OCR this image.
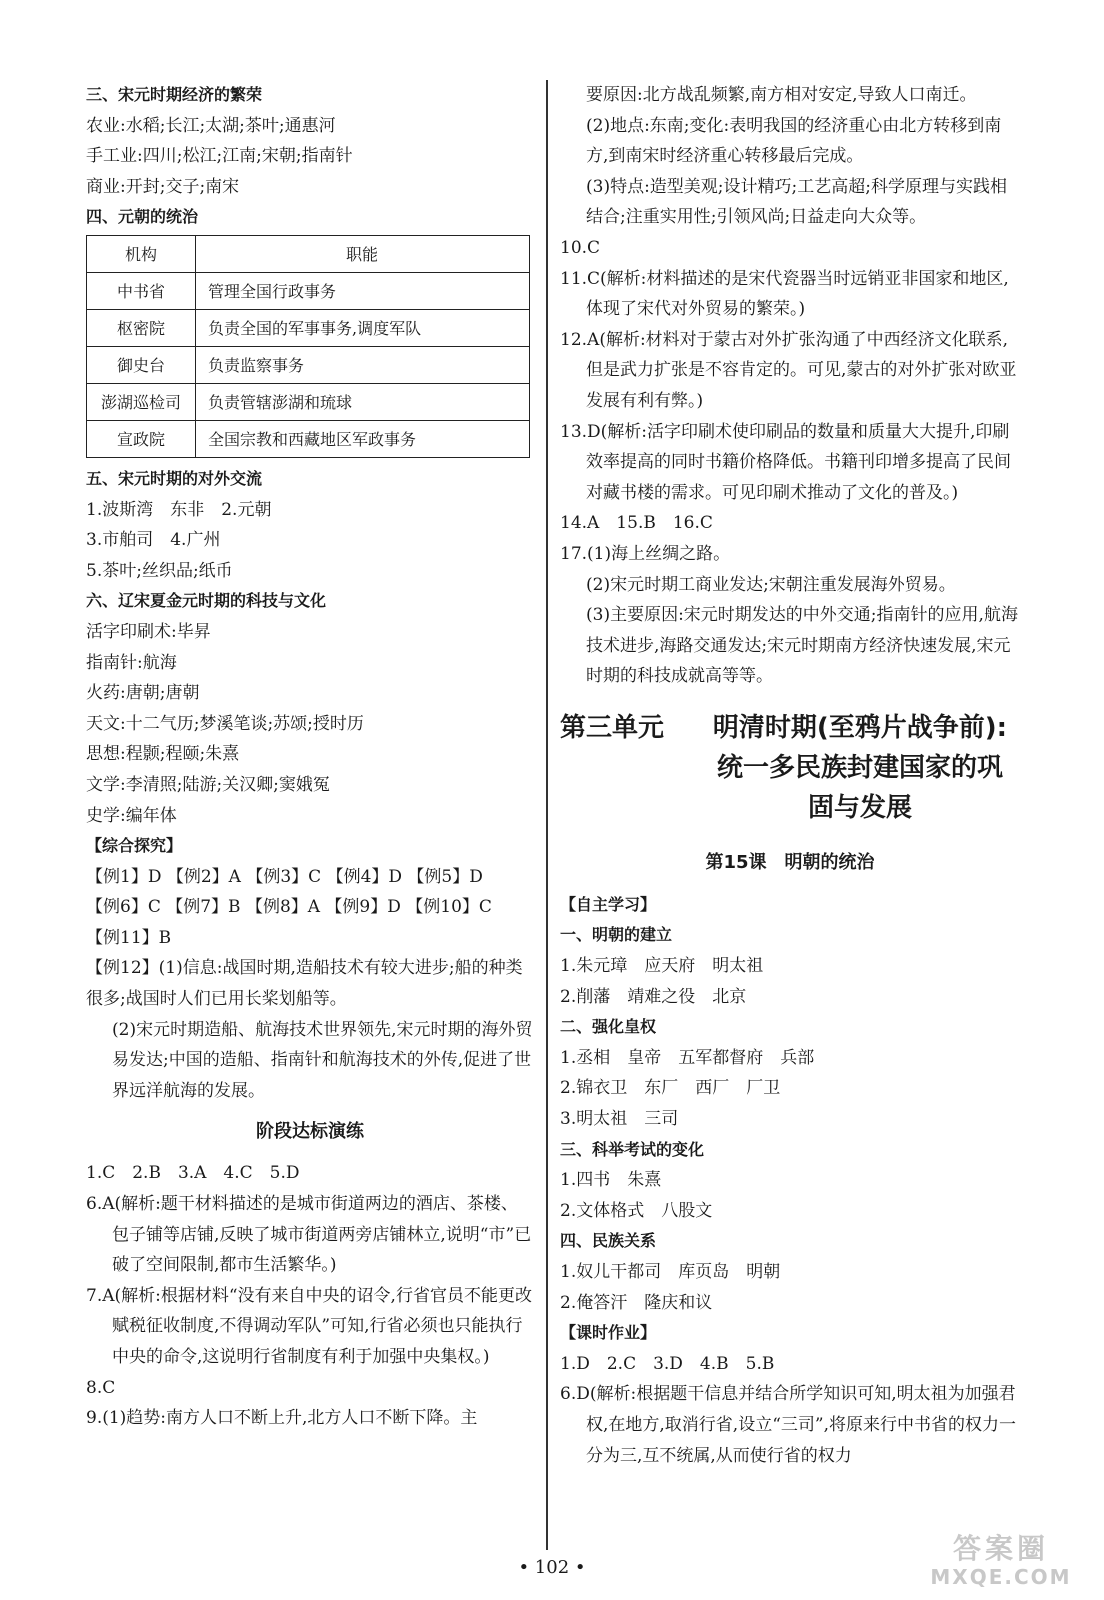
三、宋元时期经济的繁荣
农业:水稻;长江;太湖;茶叶;通惠河
手工业:四川;松江;江南;宋朝;指南针
商业:开封;交子;南宋
四、元朝的统治
机构	职能
中书省	管理全国行政事务
枢密院	负责全国的军事事务,调度军队
御史台	负责监察事务
澎湖巡检司	负责管辖澎湖和琉球
宣政院	全国宗教和西藏地区军政事务
五、宋元时期的对外交流
1.波斯湾　东非　2.元朝
3.市舶司　4.广州
5.茶叶;丝织品;纸币
六、辽宋夏金元时期的科技与文化
活字印刷术:毕昇
指南针:航海
火药:唐朝;唐朝
天文:十二气历;梦溪笔谈;苏颂;授时历
思想:程颢;程颐;朱熹
文学:李清照;陆游;关汉卿;窦娥冤
史学:编年体
【综合探究】
【例1】D 【例2】A 【例3】C 【例4】D 【例5】D
【例6】C 【例7】B 【例8】A 【例9】D 【例10】C
【例11】B
【例12】(1)信息:战国时期,造船技术有较大进步;船的种类很多;战国时人们已用长桨划船等。
(2)宋元时期造船、航海技术世界领先,宋元时期的海外贸易发达;中国的造船、指南针和航海技术的外传,促进了世界远洋航海的发展。
阶段达标演练
1.C　2.B　3.A　4.C　5.D
6.A(解析:题干材料描述的是城市街道两边的酒店、茶楼、包子铺等店铺,反映了城市街道两旁店铺林立,说明“市”已破了空间限制,都市生活繁华。)
7.A(解析:根据材料“没有来自中央的诏令,行省官员不能更改赋税征收制度,不得调动军队”可知,行省必须也只能执行中央的命令,这说明行省制度有利于加强中央集权。)
8.C
9.(1)趋势:南方人口不断上升,北方人口不断下降。主
要原因:北方战乱频繁,南方相对安定,导致人口南迁。
(2)地点:东南;变化:表明我国的经济重心由北方转移到南方,到南宋时经济重心转移最后完成。
(3)特点:造型美观;设计精巧;工艺高超;科学原理与实践相结合;注重实用性;引领风尚;日益走向大众等。
10.C
11.C(解析:材料描述的是宋代瓷器当时远销亚非国家和地区,体现了宋代对外贸易的繁荣。)
12.A(解析:材料对于蒙古对外扩张沟通了中西经济文化联系,但是武力扩张是不容肯定的。可见,蒙古的对外扩张对欧亚发展有利有弊。)
13.D(解析:活字印刷术使印刷品的数量和质量大大提升,印刷效率提高的同时书籍价格降低。书籍刊印增多提高了民间对藏书楼的需求。可见印刷术推动了文化的普及。)
14.A　15.B　16.C
17.(1)海上丝绸之路。
(2)宋元时期工商业发达;宋朝注重发展海外贸易。
(3)主要原因:宋元时期发达的中外交通;指南针的应用,航海技术进步,海路交通发达;宋元时期南方经济快速发展,宋元时期的科技成就高等等。
第三单元 明清时期(至鸦片战争前):统一多民族封建国家的巩固与发展
第15课　明朝的统治
【自主学习】
一、明朝的建立
1.朱元璋　应天府　明太祖
2.削藩　靖难之役　北京
二、强化皇权
1.丞相　皇帝　五军都督府　兵部
2.锦衣卫　东厂　西厂　厂卫
3.明太祖　三司
三、科举考试的变化
1.四书　朱熹
2.文体格式　八股文
四、民族关系
1.奴儿干都司　库页岛　明朝
2.俺答汗　隆庆和议
【课时作业】
1.D　2.C　3.D　4.B　5.B
6.D(解析:根据题干信息并结合所学知识可知,明太祖为加强君权,在地方,取消行省,设立“三司”,将原来行中书省的权力一分为三,互不统属,从而使行省的权力
• 102 •
答案圈
MXQE.COM
